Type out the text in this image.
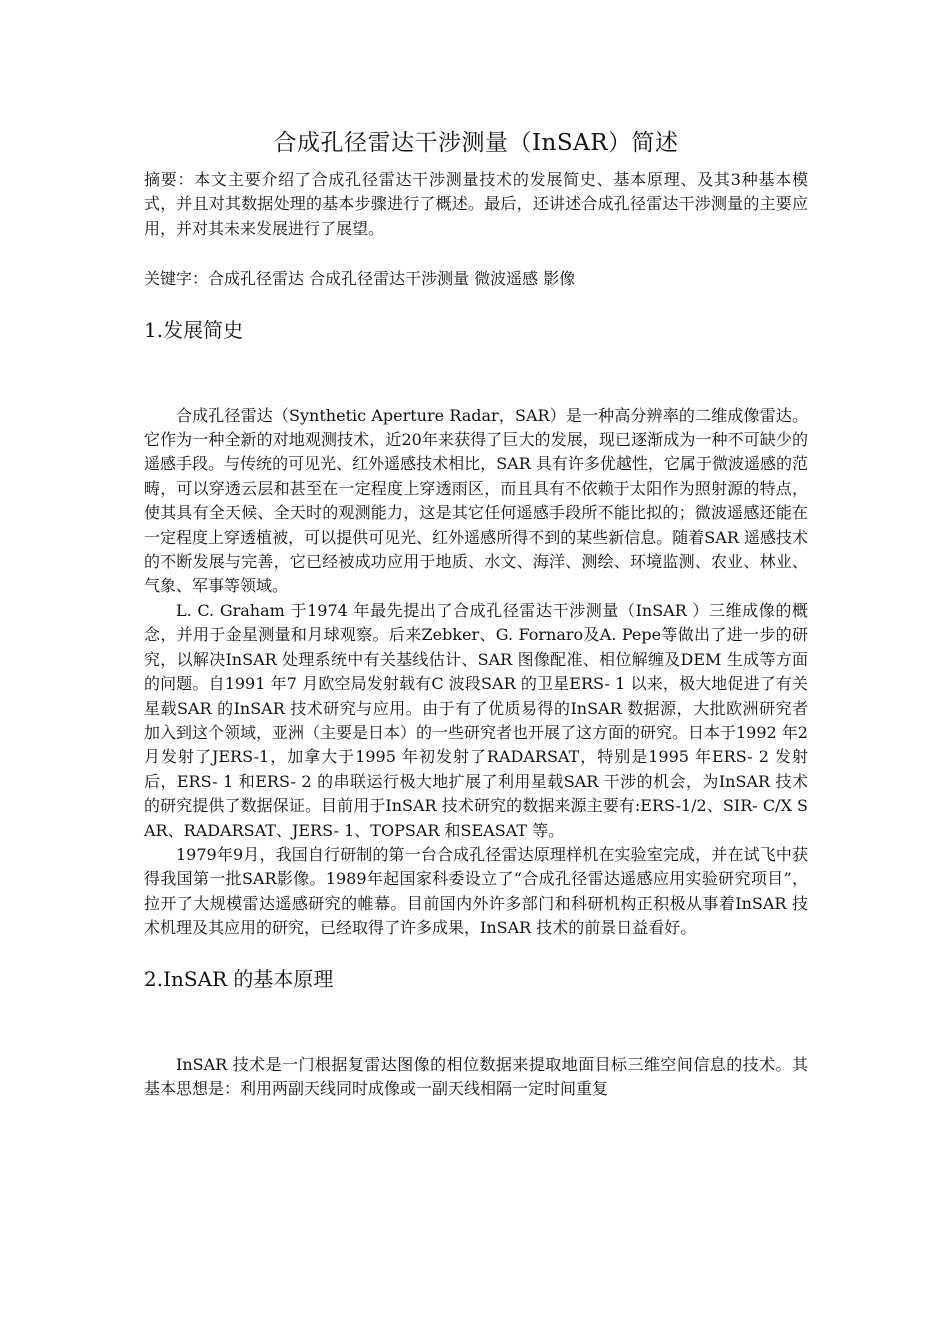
合成孔径雷达干涉测量（InSAR）简述

摘要：本文主要介绍了合成孔径雷达干涉测量技术的发展简史、基本原理、及其3种基本模式，并且对其数据处理的基本步骤进行了概述。最后，还讲述合成孔径雷达干涉测量的主要应用，并对其未来发展进行了展望。

关键字：合成孔径雷达 合成孔径雷达干涉测量 微波遥感 影像

1.发展简史

合成孔径雷达（Synthetic Aperture Radar，SAR）是一种高分辨率的二维成像雷达。它作为一种全新的对地观测技术，近20年来获得了巨大的发展，现已逐渐成为一种不可缺少的遥感手段。与传统的可见光、红外遥感技术相比，SAR 具有许多优越性，它属于微波遥感的范畴，可以穿透云层和甚至在一定程度上穿透雨区，而且具有不依赖于太阳作为照射源的特点，使其具有全天候、全天时的观测能力，这是其它任何遥感手段所不能比拟的；微波遥感还能在一定程度上穿透植被，可以提供可见光、红外遥感所得不到的某些新信息。随着SAR 遥感技术的不断发展与完善，它已经被成功应用于地质、水文、海洋、测绘、环境监测、农业、林业、气象、军事等领域。

L. C. Graham 于1974 年最先提出了合成孔径雷达干涉测量（InSAR ）三维成像的概念，并用于金星测量和月球观察。后来Zebker、G. Fornaro及A. Pepe等做出了进一步的研究，以解决InSAR 处理系统中有关基线估计、SAR 图像配准、相位解缠及DEM 生成等方面的问题。自1991 年7 月欧空局发射载有C 波段SAR 的卫星ERS- 1 以来，极大地促进了有关星载SAR 的InSAR 技术研究与应用。由于有了优质易得的InSAR 数据源，大批欧洲研究者加入到这个领域，亚洲（主要是日本）的一些研究者也开展了这方面的研究。日本于1992 年2 月发射了JERS-1，加拿大于1995 年初发射了RADARSAT，特别是1995 年ERS- 2 发射后，ERS- 1 和ERS- 2 的串联运行极大地扩展了利用星载SAR 干涉的机会，为InSAR 技术的研究提供了数据保证。目前用于InSAR 技术研究的数据来源主要有:ERS-1/2、SIR- C/X SAR、RADARSAT、JERS- 1、TOPSAR 和SEASAT 等。

1979年9月，我国自行研制的第一台合成孔径雷达原理样机在实验室完成，并在试飞中获得我国第一批SAR影像。1989年起国家科委设立了“合成孔径雷达遥感应用实验研究项目”，拉开了大规模雷达遥感研究的帷幕。目前国内外许多部门和科研机构正积极从事着InSAR 技术机理及其应用的研究，已经取得了许多成果，InSAR 技术的前景日益看好。

2.InSAR 的基本原理

InSAR 技术是一门根据复雷达图像的相位数据来提取地面目标三维空间信息的技术。其基本思想是：利用两副天线同时成像或一副天线相隔一定时间重复
